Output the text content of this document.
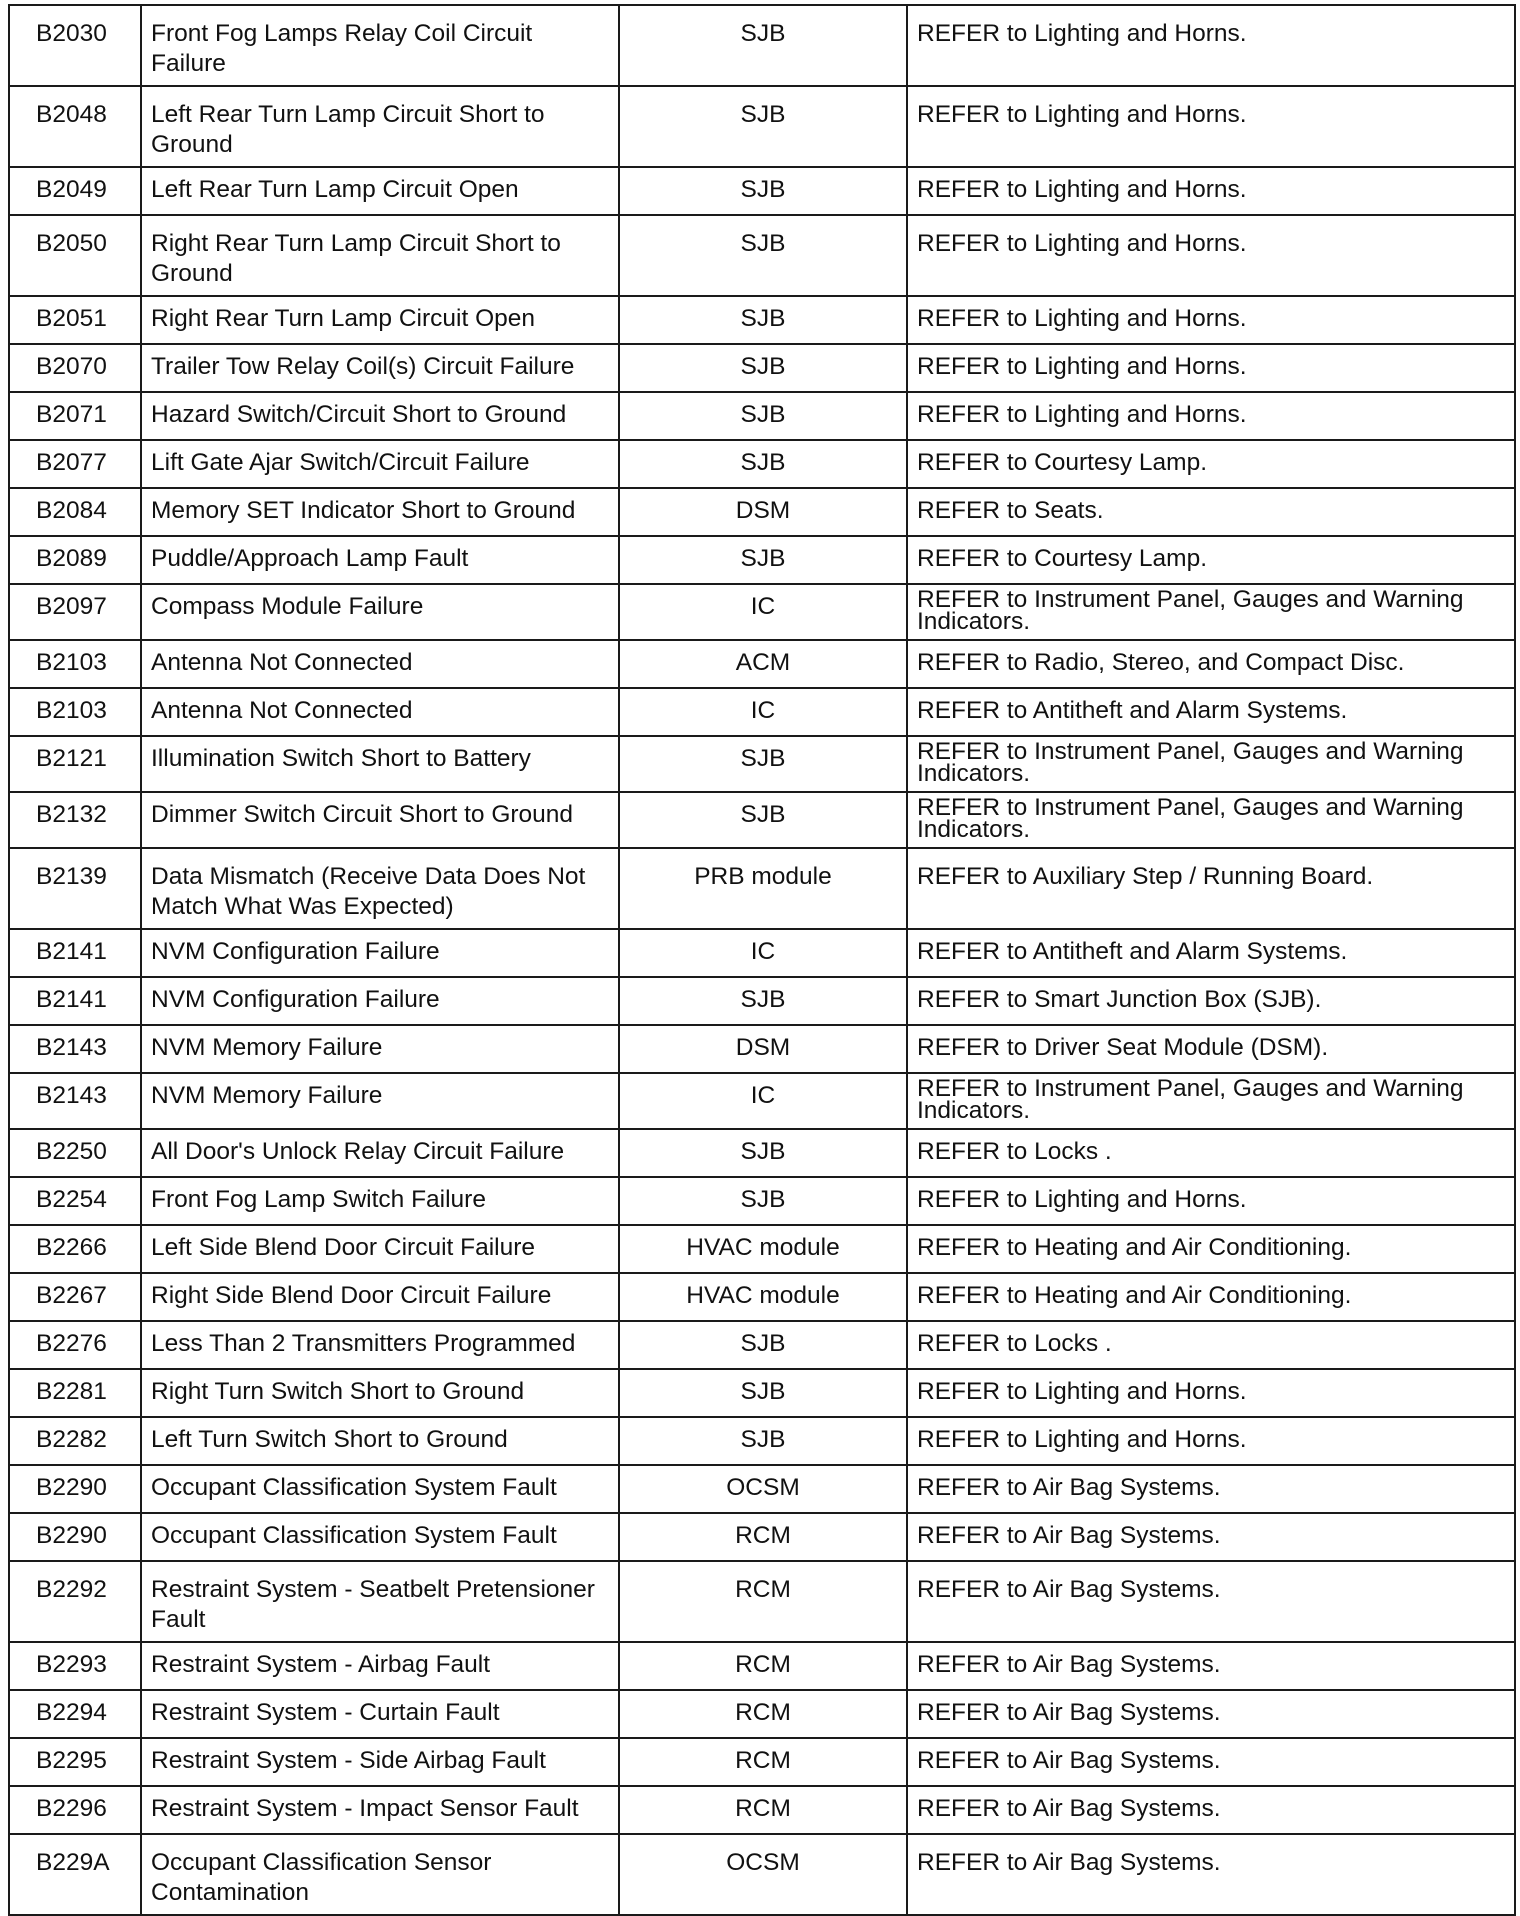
B2030	Front Fog Lamps Relay Coil Circuit Failure	SJB	REFER to Lighting and Horns.
B2048	Left Rear Turn Lamp Circuit Short to Ground	SJB	REFER to Lighting and Horns.
B2049	Left Rear Turn Lamp Circuit Open	SJB	REFER to Lighting and Horns.
B2050	Right Rear Turn Lamp Circuit Short to Ground	SJB	REFER to Lighting and Horns.
B2051	Right Rear Turn Lamp Circuit Open	SJB	REFER to Lighting and Horns.
B2070	Trailer Tow Relay Coil(s) Circuit Failure	SJB	REFER to Lighting and Horns.
B2071	Hazard Switch/Circuit Short to Ground	SJB	REFER to Lighting and Horns.
B2077	Lift Gate Ajar Switch/Circuit Failure	SJB	REFER to Courtesy Lamp.
B2084	Memory SET Indicator Short to Ground	DSM	REFER to Seats.
B2089	Puddle/Approach Lamp Fault	SJB	REFER to Courtesy Lamp.
B2097	Compass Module Failure	IC	REFER to Instrument Panel, Gauges and Warning Indicators.
B2103	Antenna Not Connected	ACM	REFER to Radio, Stereo, and Compact Disc.
B2103	Antenna Not Connected	IC	REFER to Antitheft and Alarm Systems.
B2121	Illumination Switch Short to Battery	SJB	REFER to Instrument Panel, Gauges and Warning Indicators.
B2132	Dimmer Switch Circuit Short to Ground	SJB	REFER to Instrument Panel, Gauges and Warning Indicators.
B2139	Data Mismatch (Receive Data Does Not Match What Was Expected)	PRB module	REFER to Auxiliary Step / Running Board.
B2141	NVM Configuration Failure	IC	REFER to Antitheft and Alarm Systems.
B2141	NVM Configuration Failure	SJB	REFER to Smart Junction Box (SJB).
B2143	NVM Memory Failure	DSM	REFER to Driver Seat Module (DSM).
B2143	NVM Memory Failure	IC	REFER to Instrument Panel, Gauges and Warning Indicators.
B2250	All Door's Unlock Relay Circuit Failure	SJB	REFER to Locks .
B2254	Front Fog Lamp Switch Failure	SJB	REFER to Lighting and Horns.
B2266	Left Side Blend Door Circuit Failure	HVAC module	REFER to Heating and Air Conditioning.
B2267	Right Side Blend Door Circuit Failure	HVAC module	REFER to Heating and Air Conditioning.
B2276	Less Than 2 Transmitters Programmed	SJB	REFER to Locks .
B2281	Right Turn Switch Short to Ground	SJB	REFER to Lighting and Horns.
B2282	Left Turn Switch Short to Ground	SJB	REFER to Lighting and Horns.
B2290	Occupant Classification System Fault	OCSM	REFER to Air Bag Systems.
B2290	Occupant Classification System Fault	RCM	REFER to Air Bag Systems.
B2292	Restraint System - Seatbelt Pretensioner Fault	RCM	REFER to Air Bag Systems.
B2293	Restraint System - Airbag Fault	RCM	REFER to Air Bag Systems.
B2294	Restraint System - Curtain Fault	RCM	REFER to Air Bag Systems.
B2295	Restraint System - Side Airbag Fault	RCM	REFER to Air Bag Systems.
B2296	Restraint System - Impact Sensor Fault	RCM	REFER to Air Bag Systems.
B229A	Occupant Classification Sensor Contamination	OCSM	REFER to Air Bag Systems.
